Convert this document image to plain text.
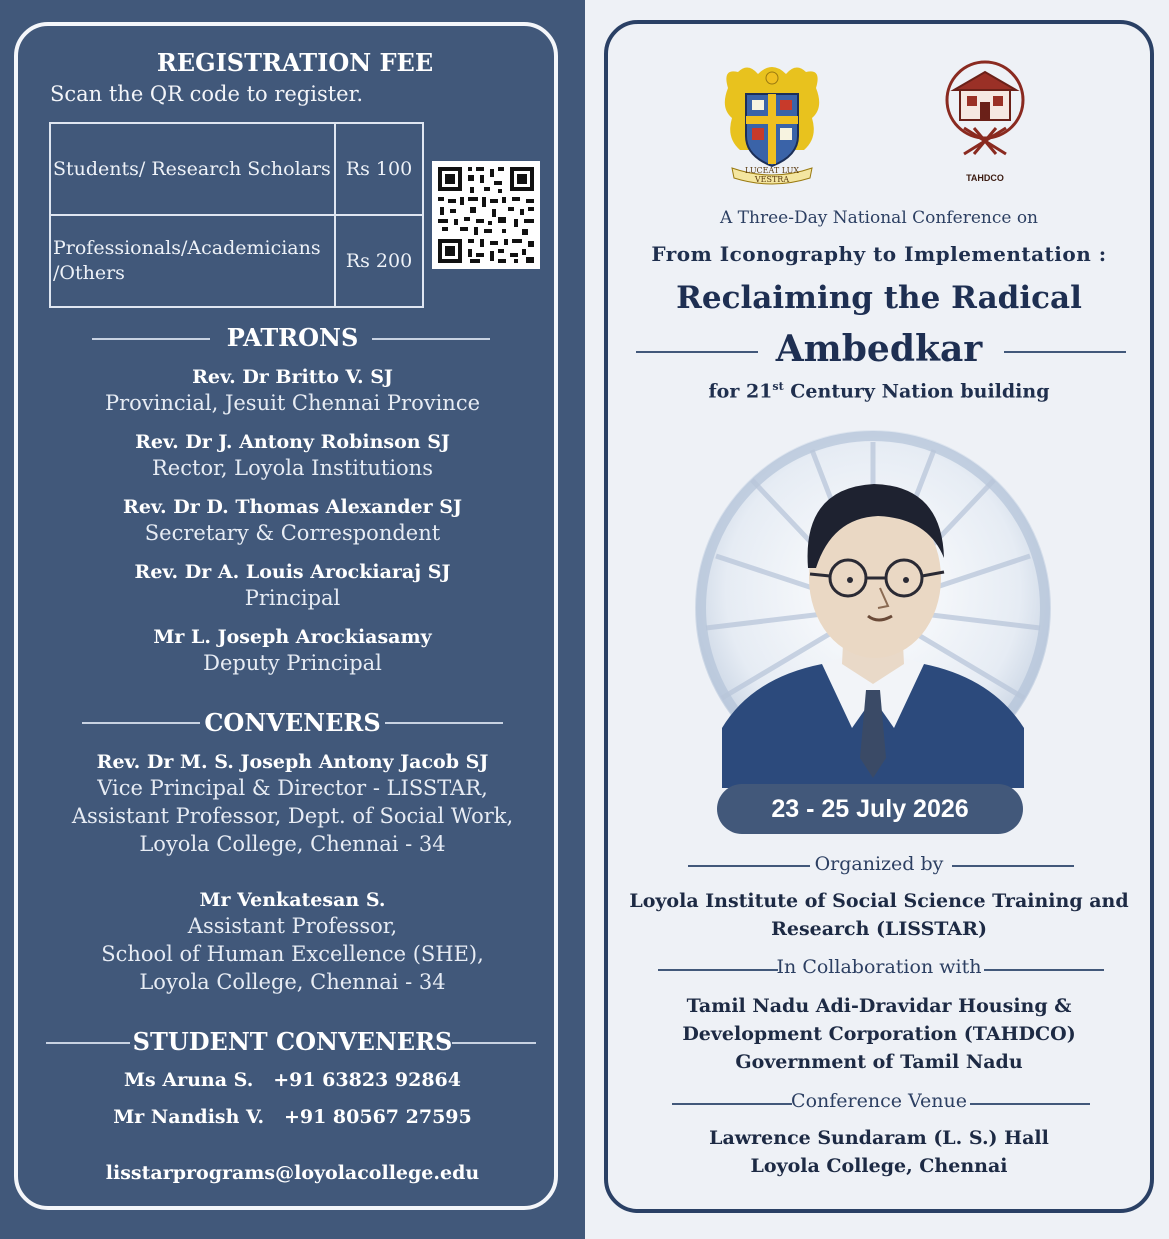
REGISTRATION FEE
Scan the QR code to register.
Students/ Research Scholars	Rs 100
Professionals/Academicians /Others	Rs 200
PATRONS
Rev. Dr Britto V. SJ
Provincial, Jesuit Chennai Province
Rev. Dr J. Antony Robinson SJ
Rector, Loyola Institutions
Rev. Dr D. Thomas Alexander SJ
Secretary & Correspondent
Rev. Dr A. Louis Arockiaraj SJ
Principal
Mr L. Joseph Arockiasamy
Deputy Principal
CONVENERS
Rev. Dr M. S. Joseph Antony Jacob SJ
Vice Principal & Director - LISSTAR,
Assistant Professor, Dept. of Social Work,
Loyola College, Chennai - 34
Mr Venkatesan S.
Assistant Professor,
School of Human Excellence (SHE),
Loyola College, Chennai - 34
STUDENT CONVENERS
Ms Aruna S. +91 63823 92864
Mr Nandish V. +91 80567 27595
lisstarprograms@loyolacollege.edu
LUCEAT LUX VESTRA	TAHDCO
A Three-Day National Conference on
From Iconography to Implementation :
Reclaiming the Radical
Ambedkar
for 21st Century Nation building
23 - 25 July 2026
Organized by
Loyola Institute of Social Science Training and
Research (LISSTAR)
In Collaboration with
Tamil Nadu Adi-Dravidar Housing &
Development Corporation (TAHDCO)
Government of Tamil Nadu
Conference Venue
Lawrence Sundaram (L. S.) Hall
Loyola College, Chennai
